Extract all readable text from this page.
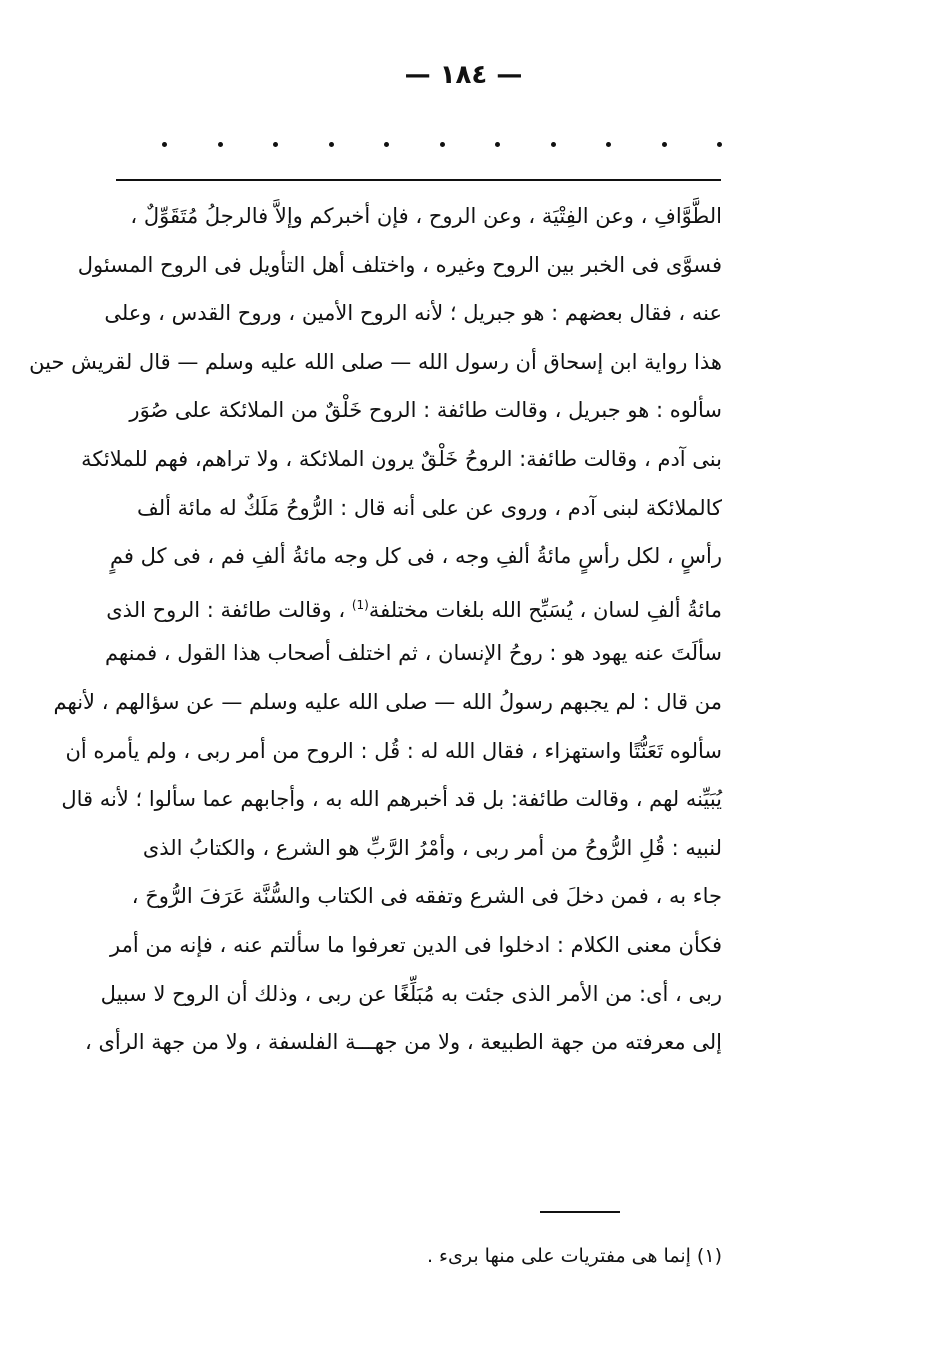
— ١٨٤ —
الطَّوَّافِ ، وعن الفِتْيَة ، وعن الروح ، فإن أخبركم وإلاَّ فالرجلُ مُتَقَوِّلٌ ،
فسوَّى فى الخبر بين الروح وغيره ، واختلف أهل التأويل فى الروح المسئول
عنه ، فقال بعضهم : هو جبريل ؛ لأنه الروح الأمين ، وروح القدس ، وعلى
هذا رواية ابن إسحاق أن رسول الله — صلى الله عليه وسلم — قال لقريش حين
سألوه : هو جبريل ، وقالت طائفة : الروح خَلْقٌ من الملائكة على صُوَر
بنى آدم ، وقالت طائفة: الروحُ خَلْقٌ يرون الملائكة ، ولا تراهم، فهم للملائكة
كالملائكة لبنى آدم ، وروى عن على أنه قال : الرُّوحُ مَلَكٌ له مائة ألف
رأسٍ ، لكل رأسٍ مائةُ ألفِ وجه ، فى كل وجه مائةُ ألفِ فم ، فى كل فمٍ
مائةُ ألفِ لسان ، يُسَبِّح الله بلغات مختلفة$^{(1)}$ ، وقالت طائفة : الروح الذى
سألَتَ عنه يهود هو : روحُ الإنسان ، ثم اختلف أصحاب هذا القول ، فمنهم
من قال : لم يجبهم رسولُ الله — صلى الله عليه وسلم — عن سؤالهم ، لأنهم
سألوه تَعَنُّتًا واستهزاء ، فقال الله له : قُل : الروح من أمر ربى ، ولم يأمره أن
يُبَيِّنه لهم ، وقالت طائفة: بل قد أخبرهم الله به ، وأجابهم عما سألوا ؛ لأنه قال
لنبيه : قُلِ الرُّوحُ من أمر ربى ، وأمْرُ الرَّبِّ هو الشرع ، والكتابُ الذى
جاء به ، فمن دخلَ فى الشرع وتفقه فى الكتاب والسُّنَّة عَرَفَ الرُّوحَ ،
فكأن معنى الكلام : ادخلوا فى الدين تعرفوا ما سألتم عنه ، فإنه من أمر
ربى ، أى: من الأمر الذى جئت به مُبَلِّغًا عن ربى ، وذلك أن الروح لا سبيل
إلى معرفته من جهة الطبيعة ، ولا من جهـــة الفلسفة ، ولا من جهة الرأى ،
(١) إنما هى مفتريات على منها برىء .
